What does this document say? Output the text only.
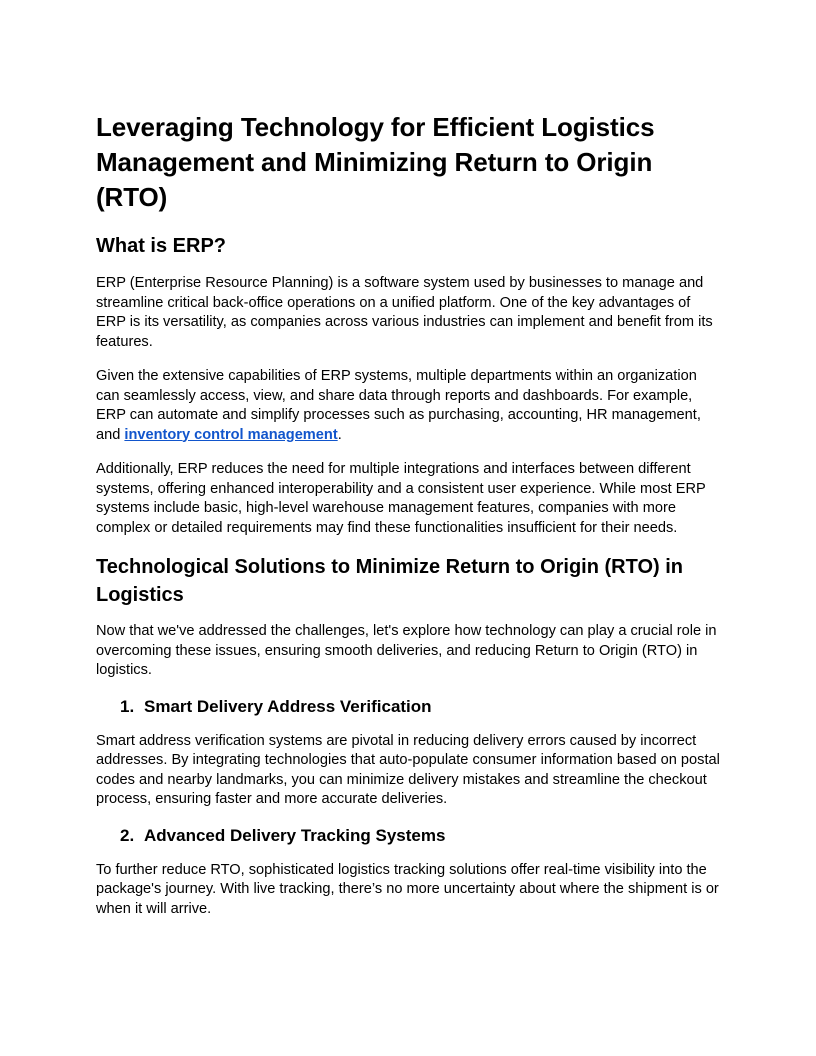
Leveraging Technology for Efficient Logistics Management and Minimizing Return to Origin (RTO)
What is ERP?

ERP (Enterprise Resource Planning) is a software system used by businesses to manage and streamline critical back-office operations on a unified platform. One of the key advantages of ERP is its versatility, as companies across various industries can implement and benefit from its features.

Given the extensive capabilities of ERP systems, multiple departments within an organization can seamlessly access, view, and share data through reports and dashboards. For example, ERP can automate and simplify processes such as purchasing, accounting, HR management, and inventory control management.

Additionally, ERP reduces the need for multiple integrations and interfaces between different systems, offering enhanced interoperability and a consistent user experience. While most ERP systems include basic, high-level warehouse management features, companies with more complex or detailed requirements may find these functionalities insufficient for their needs.

Technological Solutions to Minimize Return to Origin (RTO) in Logistics

Now that we've addressed the challenges, let's explore how technology can play a crucial role in overcoming these issues, ensuring smooth deliveries, and reducing Return to Origin (RTO) in logistics.

1. Smart Delivery Address Verification

Smart address verification systems are pivotal in reducing delivery errors caused by incorrect addresses. By integrating technologies that auto-populate consumer information based on postal codes and nearby landmarks, you can minimize delivery mistakes and streamline the checkout process, ensuring faster and more accurate deliveries.

2. Advanced Delivery Tracking Systems

To further reduce RTO, sophisticated logistics tracking solutions offer real-time visibility into the package's journey. With live tracking, there’s no more uncertainty about where the shipment is or when it will arrive.
